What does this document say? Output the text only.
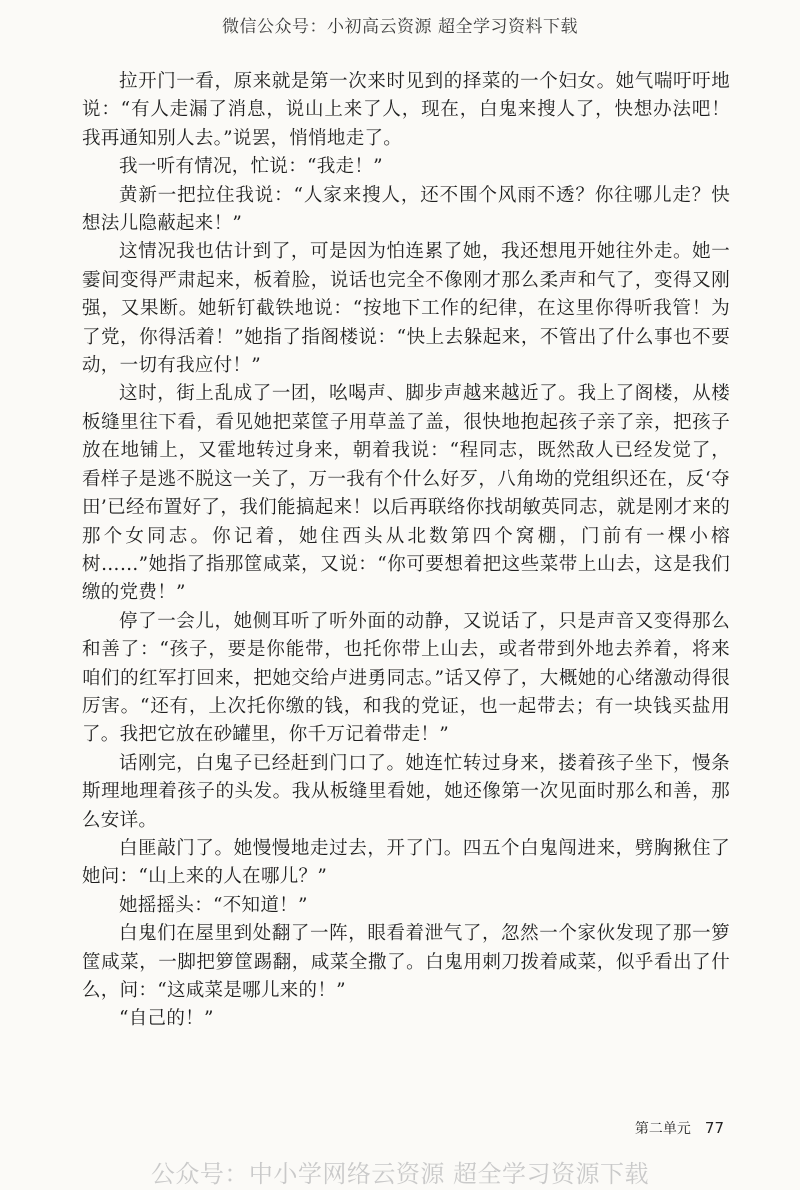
微信公众号：小初高云资源 超全学习资料下载

拉开门一看，原来就是第一次来时见到的择菜的一个妇女。她气喘吁吁地说：“有人走漏了消息，说山上来了人，现在，白鬼来搜人了，快想办法吧！我再通知别人去。”说罢，悄悄地走了。

我一听有情况，忙说：“我走！”

黄新一把拉住我说：“人家来搜人，还不围个风雨不透？你往哪儿走？快想法儿隐蔽起来！”

这情况我也估计到了，可是因为怕连累了她，我还想甩开她往外走。她一霎间变得严肃起来，板着脸，说话也完全不像刚才那么柔声和气了，变得又刚强，又果断。她斩钉截铁地说：“按地下工作的纪律，在这里你得听我管！为了党，你得活着！”她指了指阁楼说：“快上去躲起来，不管出了什么事也不要动，一切有我应付！”

这时，街上乱成了一团，吆喝声、脚步声越来越近了。我上了阁楼，从楼板缝里往下看，看见她把菜筐子用草盖了盖，很快地抱起孩子亲了亲，把孩子放在地铺上，又霍地转过身来，朝着我说：“程同志，既然敌人已经发觉了，看样子是逃不脱这一关了，万一我有个什么好歹，八角坳的党组织还在，反‘夺田’已经布置好了，我们能搞起来！以后再联络你找胡敏英同志，就是刚才来的那个女同志。你记着，她住西头从北数第四个窝棚，门前有一棵小榕树……”她指了指那筐咸菜，又说：“你可要想着把这些菜带上山去，这是我们缴的党费！”

停了一会儿，她侧耳听了听外面的动静，又说话了，只是声音又变得那么和善了：“孩子，要是你能带，也托你带上山去，或者带到外地去养着，将来咱们的红军打回来，把她交给卢进勇同志。”话又停了，大概她的心绪激动得很厉害。“还有，上次托你缴的钱，和我的党证，也一起带去；有一块钱买盐用了。我把它放在砂罐里，你千万记着带走！”

话刚完，白鬼子已经赶到门口了。她连忙转过身来，搂着孩子坐下，慢条斯理地理着孩子的头发。我从板缝里看她，她还像第一次见面时那么和善，那么安详。

白匪敲门了。她慢慢地走过去，开了门。四五个白鬼闯进来，劈胸揪住了她问：“山上来的人在哪儿？”

她摇摇头：“不知道！”

白鬼们在屋里到处翻了一阵，眼看着泄气了，忽然一个家伙发现了那一箩筐咸菜，一脚把箩筐踢翻，咸菜全撒了。白鬼用刺刀拨着咸菜，似乎看出了什么，问：“这咸菜是哪儿来的！”

“自己的！”

第二单元 77
公众号：中小学网络云资源 超全学习资源下载
